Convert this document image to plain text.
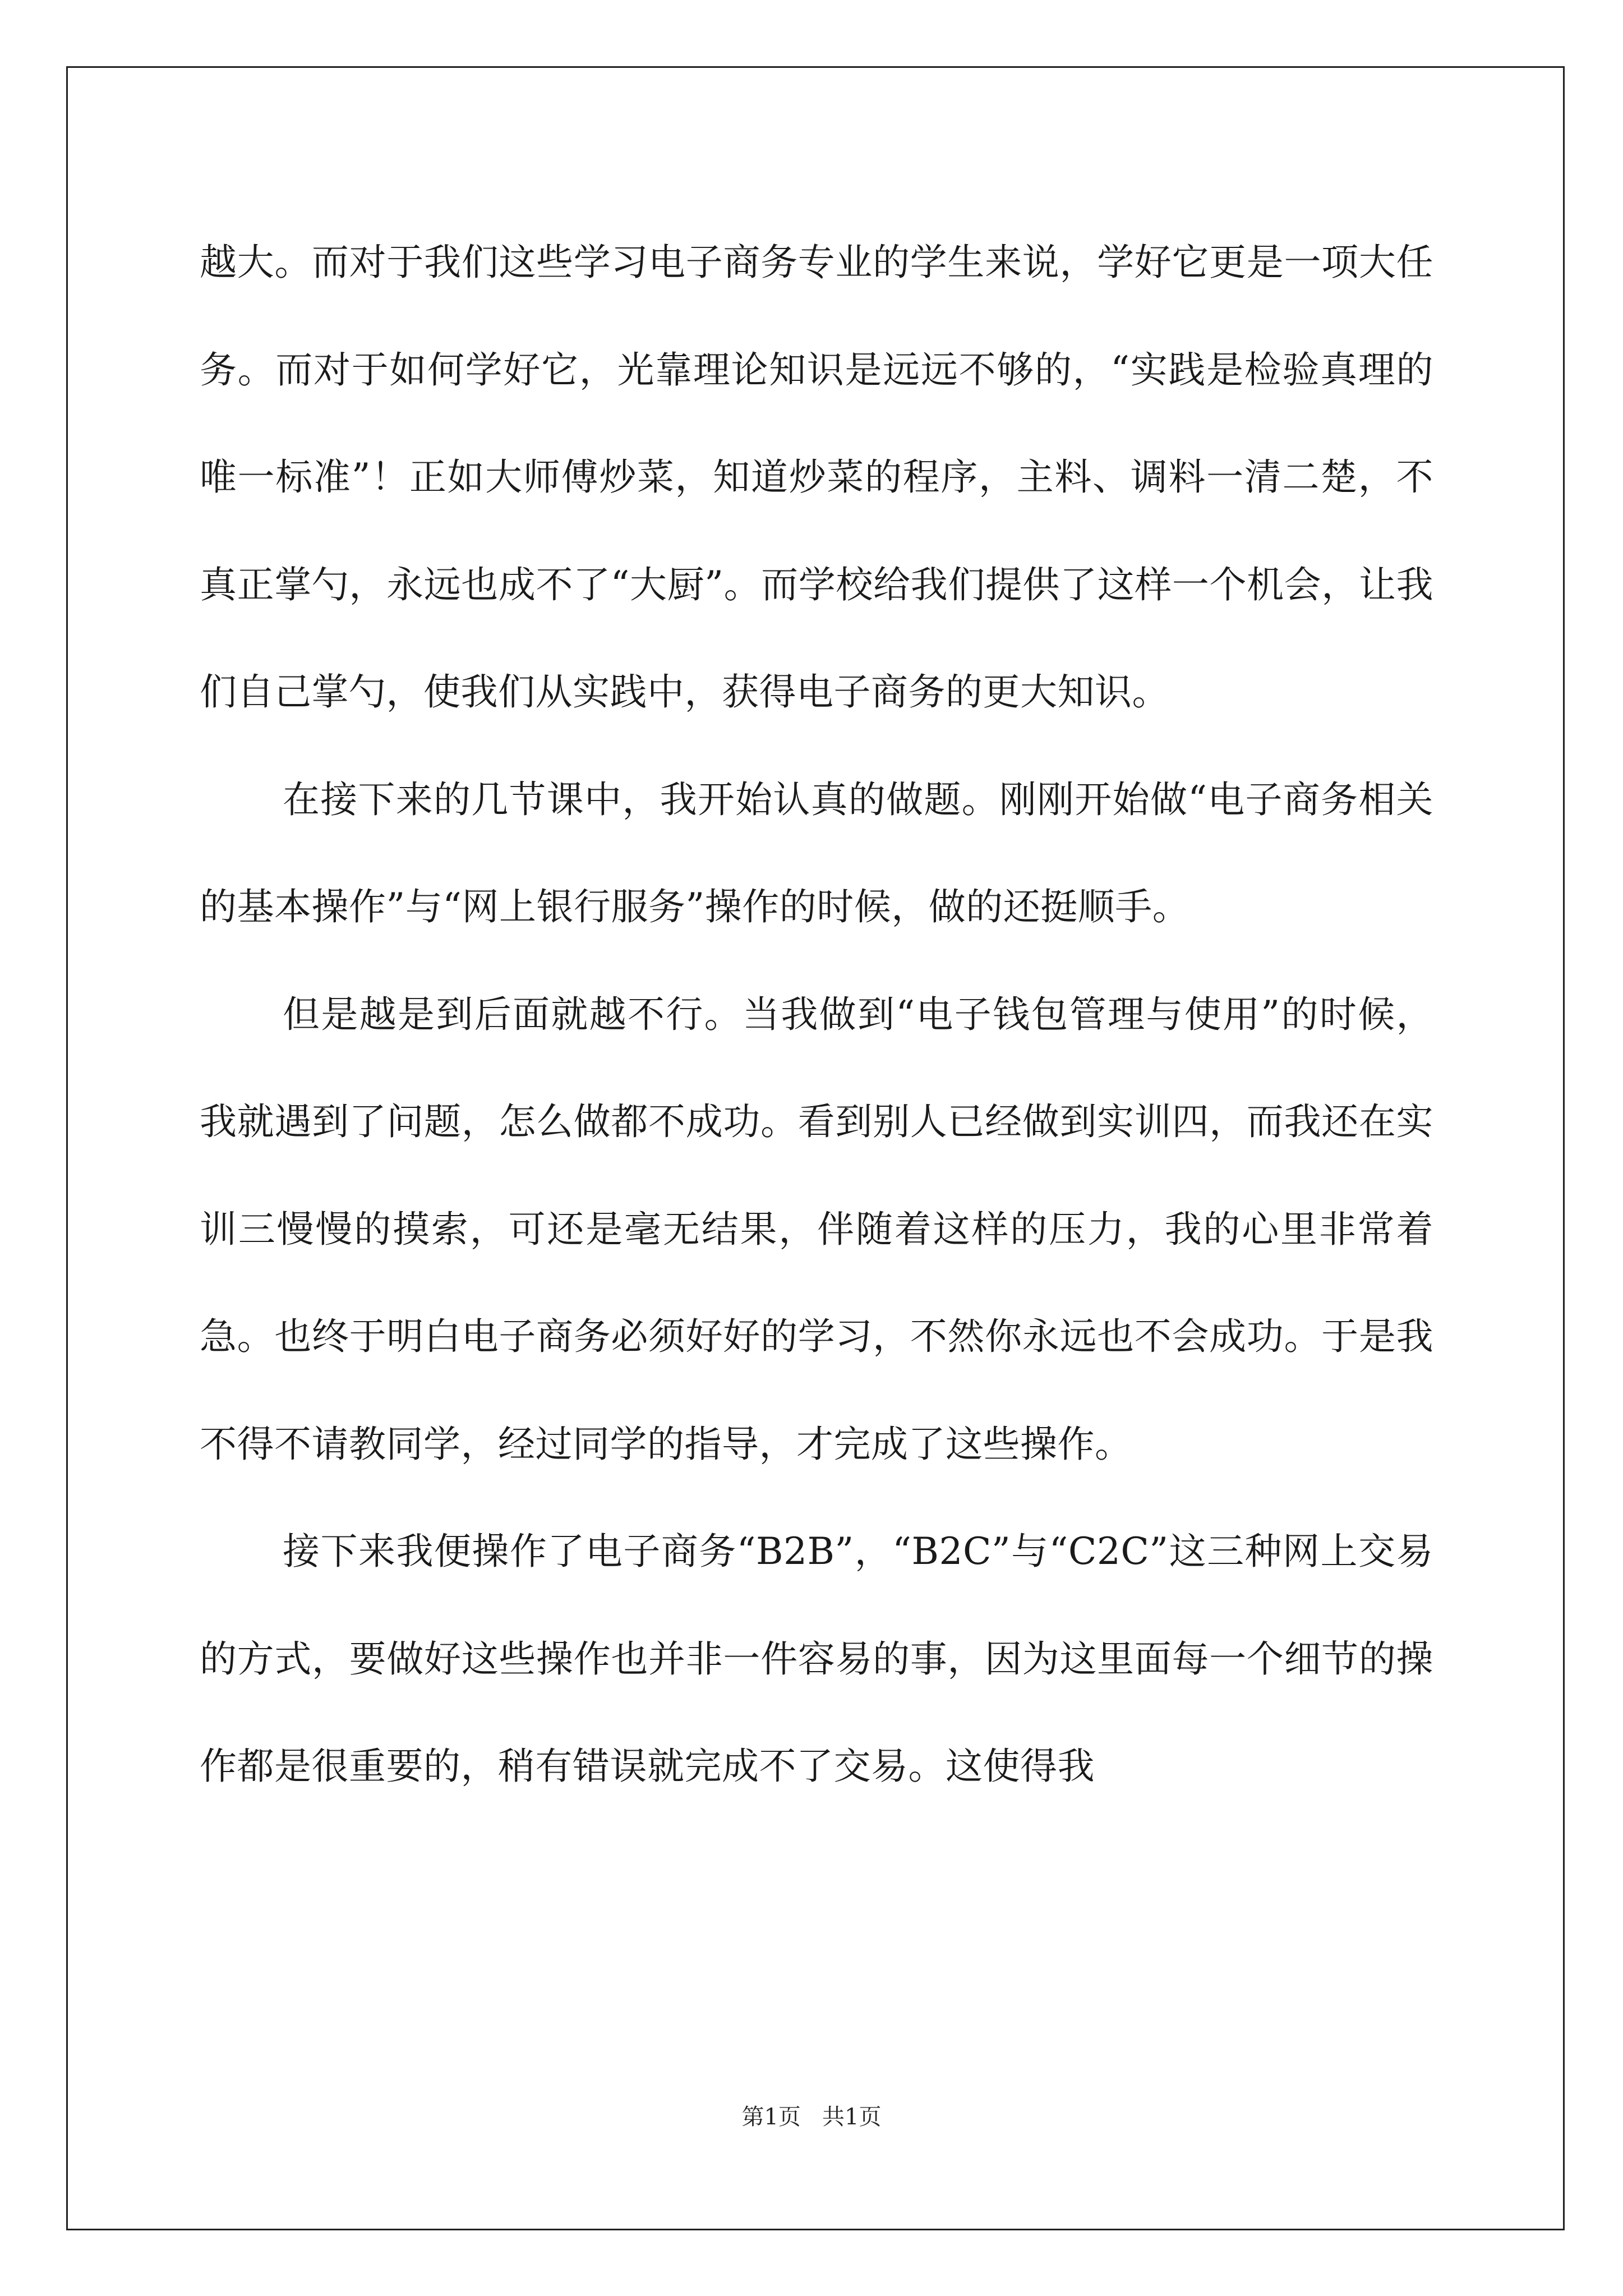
越大。而对于我们这些学习电子商务专业的学生来说，学好它更是一项大任务。而对于如何学好它，光靠理论知识是远远不够的，“实践是检验真理的唯一标准”！正如大师傅炒菜，知道炒菜的程序，主料、调料一清二楚，不真正掌勺，永远也成不了“大厨”。而学校给我们提供了这样一个机会，让我们自己掌勺，使我们从实践中，获得电子商务的更大知识。

在接下来的几节课中，我开始认真的做题。刚刚开始做“电子商务相关的基本操作”与“网上银行服务”操作的时候，做的还挺顺手。

但是越是到后面就越不行。当我做到“电子钱包管理与使用”的时候，我就遇到了问题，怎么做都不成功。看到别人已经做到实训四，而我还在实训三慢慢的摸索，可还是毫无结果，伴随着这样的压力，我的心里非常着急。也终于明白电子商务必须好好的学习，不然你永远也不会成功。于是我不得不请教同学，经过同学的指导，才完成了这些操作。

接下来我便操作了电子商务“B2B”，“B2C”与“C2C”这三种网上交易的方式，要做好这些操作也并非一件容易的事，因为这里面每一个细节的操作都是很重要的，稍有错误就完成不了交易。这使得我

第1页   共1页
